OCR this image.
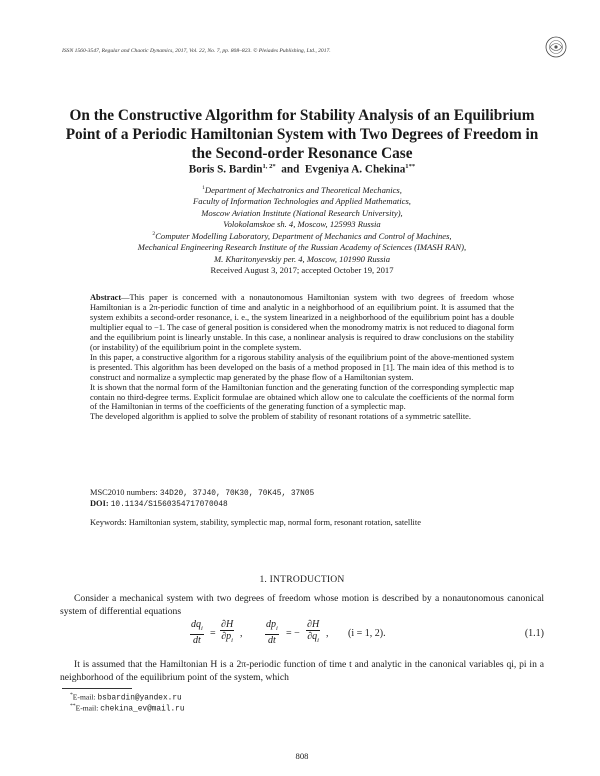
ISSN 1560-3547, Regular and Chaotic Dynamics, 2017, Vol. 22, No. 7, pp. 808–823. © Pleiades Publishing, Ltd., 2017.
On the Constructive Algorithm for Stability Analysis of an Equilibrium Point of a Periodic Hamiltonian System with Two Degrees of Freedom in the Second-order Resonance Case
Boris S. Bardin$^{1, 2*}$ and Evgeniya A. Chekina$^{1**}$
$^1$Department of Mechatronics and Theoretical Mechanics,
Faculty of Information Technologies and Applied Mathematics,
Moscow Aviation Institute (National Research University),
Volokolamskoe sh. 4, Moscow, 125993 Russia
$^2$Computer Modelling Laboratory, Department of Mechanics and Control of Machines,
Mechanical Engineering Research Institute of the Russian Academy of Sciences (IMASH RAN),
M. Kharitonyevskiy per. 4, Moscow, 101990 Russia
Received August 3, 2017; accepted October 19, 2017

Abstract—This paper is concerned with a nonautonomous Hamiltonian system with two degrees of freedom whose Hamiltonian is a 2π-periodic function of time and analytic in a neighborhood of an equilibrium point. It is assumed that the system exhibits a second-order resonance, i. e., the system linearized in a neighborhood of the equilibrium point has a double multiplier equal to −1. The case of general position is considered when the monodromy matrix is not reduced to diagonal form and the equilibrium point is linearly unstable. In this case, a nonlinear analysis is required to draw conclusions on the stability (or instability) of the equilibrium point in the complete system.

In this paper, a constructive algorithm for a rigorous stability analysis of the equilibrium point of the above-mentioned system is presented. This algorithm has been developed on the basis of a method proposed in [1]. The main idea of this method is to construct and normalize a symplectic map generated by the phase flow of a Hamiltonian system.

It is shown that the normal form of the Hamiltonian function and the generating function of the corresponding symplectic map contain no third-degree terms. Explicit formulae are obtained which allow one to calculate the coefficients of the normal form of the Hamiltonian in terms of the coefficients of the generating function of a symplectic map.

The developed algorithm is applied to solve the problem of stability of resonant rotations of a symmetric satellite.

MSC2010 numbers: 34D20, 37J40, 70K30, 70K45, 37N05
DOI: 10.1134/S1560354717070048
Keywords: Hamiltonian system, stability, symplectic map, normal form, resonant rotation, satellite
1. INTRODUCTION

Consider a mechanical system with two degrees of freedom whose motion is described by a nonautonomous canonical system of differential equations

$dq_i$
dt
= $\frac{\partial H}{\partial p_i}$ ,
$dp_i$
dt
= − $\frac{\partial H}{\partial q_i}$ , (i = 1, 2).	(1.1)

It is assumed that the Hamiltonian H is a 2π-periodic function of time t and analytic in the canonical variables qi, pi in a neighborhood of the equilibrium point of the system, which

*E-mail: bsbardin@yandex.ru
**E-mail: chekina_ev@mail.ru
808
